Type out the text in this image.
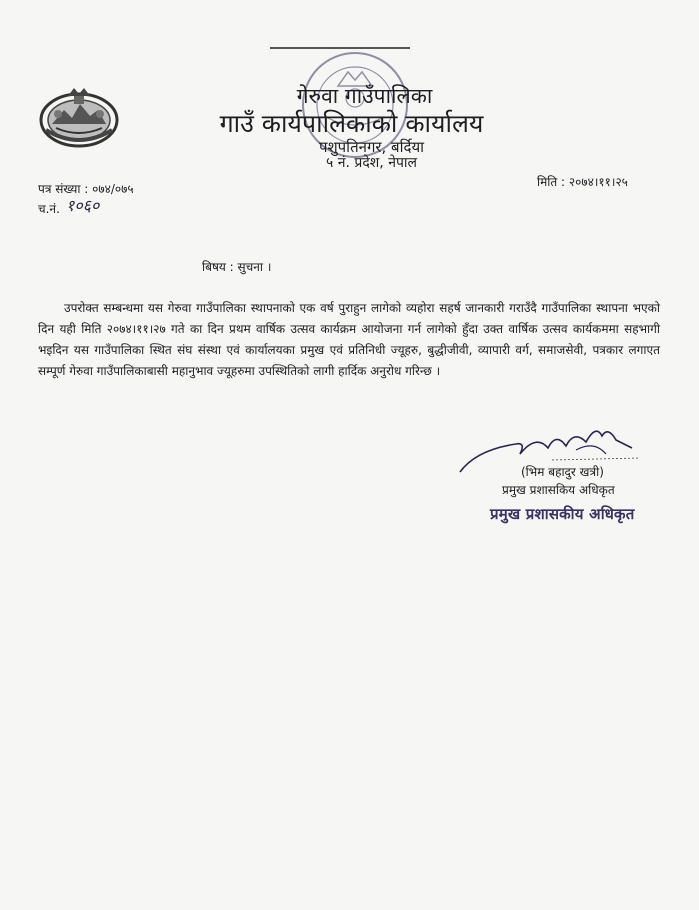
गेरुवा गाउँपालिका
गाउँ कार्यपालिकाको कार्यालय
पशुपतिनगर, बर्दिया
५ नं. प्रदेश, नेपाल
पत्र संख्या : ०७४/०७५
च.नं. १०६०
मिति : २०७४।११।२५
बिषय : सुचना ।
उपरोक्त सम्बन्धमा यस गेरुवा गाउँपालिका स्थापनाको एक वर्ष पुराहुन लागेको व्यहोरा सहर्ष जानकारी गराउँदै गाउँपालिका स्थापना भएको दिन यही मिति २०७४।११।२७ गते का दिन प्रथम वार्षिक उत्सव कार्यक्रम आयोजना गर्न लागेको हुँदा उक्त वार्षिक उत्सव कार्यकममा सहभागी भइदिन यस गाउँपालिका स्थित संघ संस्था एवं कार्यालयका प्रमुख एवं प्रतिनिधी ज्यूहरु, बुद्धीजीवी, व्यापारी वर्ग, समाजसेवी, पत्रकार लगाएत सम्पूर्ण गेरुवा गाउँपालिकाबासी महानुभाव ज्यूहरुमा उपस्थितिको लागी हार्दिक अनुरोध गरिन्छ ।
(भिम बहादुर खत्री)
प्रमुख प्रशासकिय अधिकृत
प्रमुख प्रशासकीय अधिकृत
